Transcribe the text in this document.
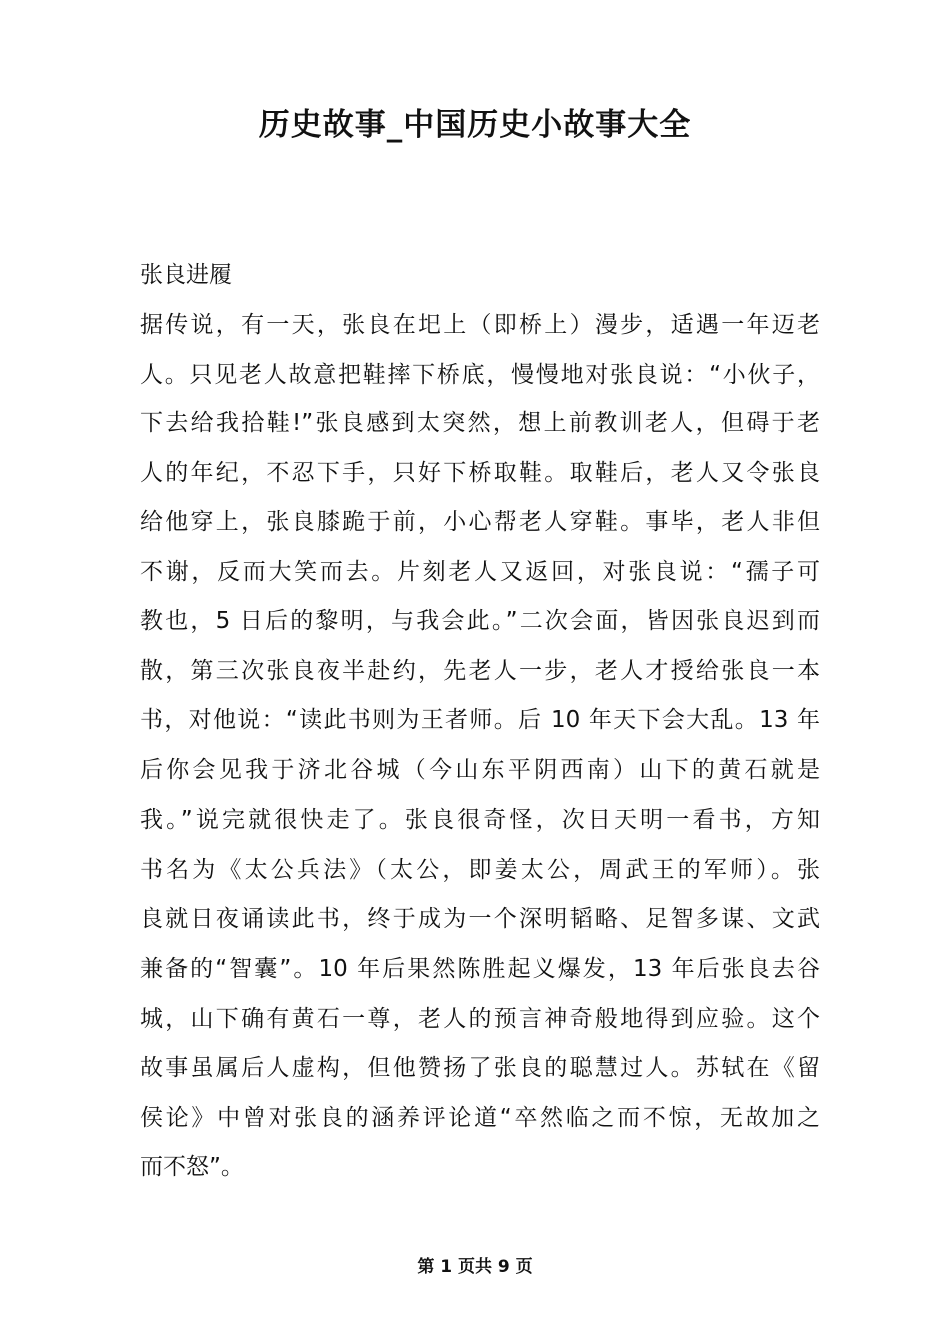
历史故事_中国历史小故事大全
张良进履
据传说，有一天，张良在圯上（即桥上）漫步，适遇一年迈老
人。只见老人故意把鞋摔下桥底，慢慢地对张良说：“小伙子，
下去给我拾鞋!”张良感到太突然，想上前教训老人，但碍于老
人的年纪，不忍下手，只好下桥取鞋。取鞋后，老人又令张良
给他穿上，张良膝跪于前，小心帮老人穿鞋。事毕，老人非但
不谢，反而大笑而去。片刻老人又返回，对张良说：“孺子可
教也，5 日后的黎明，与我会此。”二次会面，皆因张良迟到而
散，第三次张良夜半赴约，先老人一步，老人才授给张良一本
书，对他说：“读此书则为王者师。后 10 年天下会大乱。13 年
后你会见我于济北谷城（今山东平阴西南）山下的黄石就是
我。”说完就很快走了。张良很奇怪，次日天明一看书，方知
书名为《太公兵法》（太公，即姜太公，周武王的军师）。张
良就日夜诵读此书，终于成为一个深明韬略、足智多谋、文武
兼备的“智囊”。10 年后果然陈胜起义爆发，13 年后张良去谷
城，山下确有黄石一尊，老人的预言神奇般地得到应验。这个
故事虽属后人虚构，但他赞扬了张良的聪慧过人。苏轼在《留
侯论》中曾对张良的涵养评论道“卒然临之而不惊，无故加之
而不怒”。
第 1 页共 9 页
